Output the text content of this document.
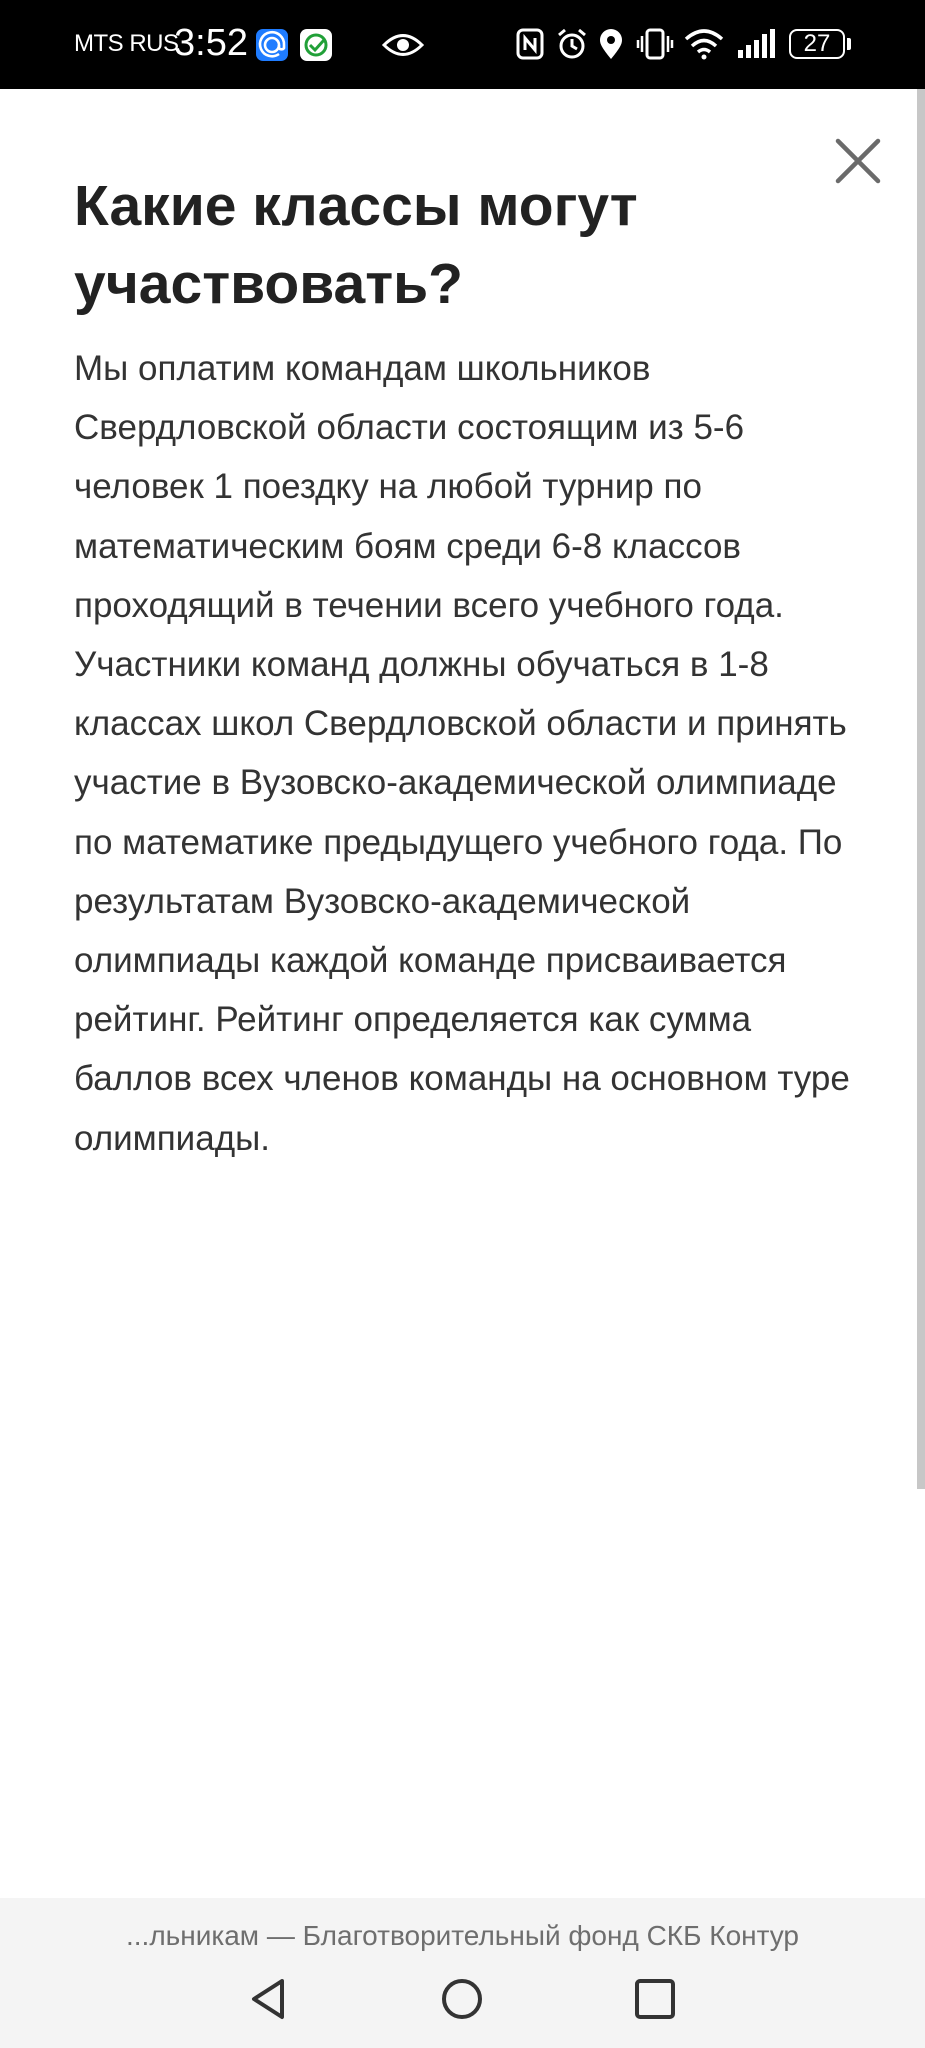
MTS RUS
3:52	27
Какие классы могут участвовать?

Мы оплатим командам школьников Свердловской области состоящим из 5-6 человек 1 поездку на любой турнир по математическим боям среди 6-8 классов проходящий в течении всего учебного года. Участники команд должны обучаться в 1-8 классах школ Свердловской области и принять участие в Вузовско-академической олимпиаде по математике предыдущего учебного года. По результатам Вузовско-академической олимпиады каждой команде присваивается рейтинг. Рейтинг определяется как сумма баллов всех членов команды на основном туре олимпиады.

...льникам — Благотворительный фонд СКБ Контур
